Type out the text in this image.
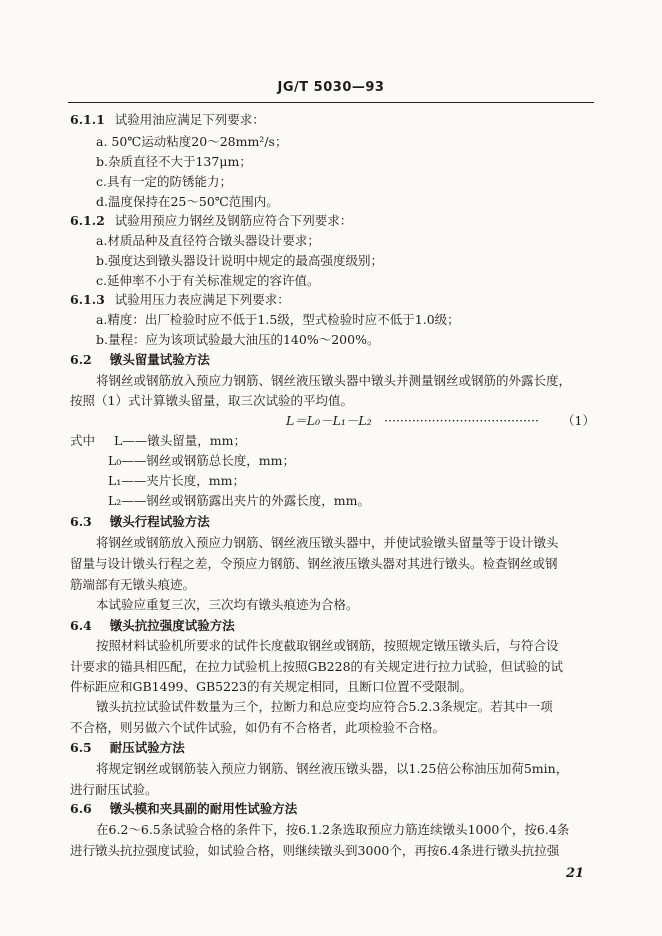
JG/T 5030—93
6.1.1 试验用油应满足下列要求：
a. 50℃运动粘度20～28mm²/s；
b.杂质直径不大于137μm；
c.具有一定的防锈能力；
d.温度保持在25～50℃范围内。
6.1.2 试验用预应力钢丝及钢筋应符合下列要求：
a.材质品种及直径符合镦头器设计要求；
b.强度达到镦头器设计说明中规定的最高强度级别；
c.延伸率不小于有关标准规定的容许值。
6.1.3 试验用压力表应满足下列要求：
a.精度：出厂检验时应不低于1.5级，型式检验时应不低于1.0级；
b.量程：应为该项试验最大油压的140%～200%。
6.2 镦头留量试验方法
将钢丝或钢筋放入预应力钢筋、钢丝液压镦头器中镦头并测量钢丝或钢筋的外露长度，
按照（1）式计算镦头留量，取三次试验的平均值。
L＝L₀－L₁－L₂ ······································· （1）
式中 L——镦头留量，mm；
L₀——钢丝或钢筋总长度，mm；
L₁——夹片长度，mm；
L₂——钢丝或钢筋露出夹片的外露长度，mm。
6.3 镦头行程试验方法
将钢丝或钢筋放入预应力钢筋、钢丝液压镦头器中，并使试验镦头留量等于设计镦头
留量与设计镦头行程之差，令预应力钢筋、钢丝液压镦头器对其进行镦头。检查钢丝或钢
筋端部有无镦头痕迹。
本试验应重复三次，三次均有镦头痕迹为合格。
6.4 镦头抗拉强度试验方法
按照材料试验机所要求的试件长度截取钢丝或钢筋，按照规定镦压镦头后，与符合设
计要求的锚具相匹配，在拉力试验机上按照GB228的有关规定进行拉力试验，但试验的试
件标距应和GB1499、GB5223的有关规定相同，且断口位置不受限制。
镦头抗拉试验试件数量为三个，拉断力和总应变均应符合5.2.3条规定。若其中一项
不合格，则另做六个试件试验，如仍有不合格者，此项检验不合格。
6.5 耐压试验方法
将规定钢丝或钢筋装入预应力钢筋、钢丝液压镦头器，以1.25倍公称油压加荷5min，
进行耐压试验。
6.6 镦头模和夹具副的耐用性试验方法
在6.2～6.5条试验合格的条件下，按6.1.2条选取预应力筋连续镦头1000个，按6.4条
进行镦头抗拉强度试验，如试验合格，则继续镦头到3000个，再按6.4条进行镦头抗拉强
21
